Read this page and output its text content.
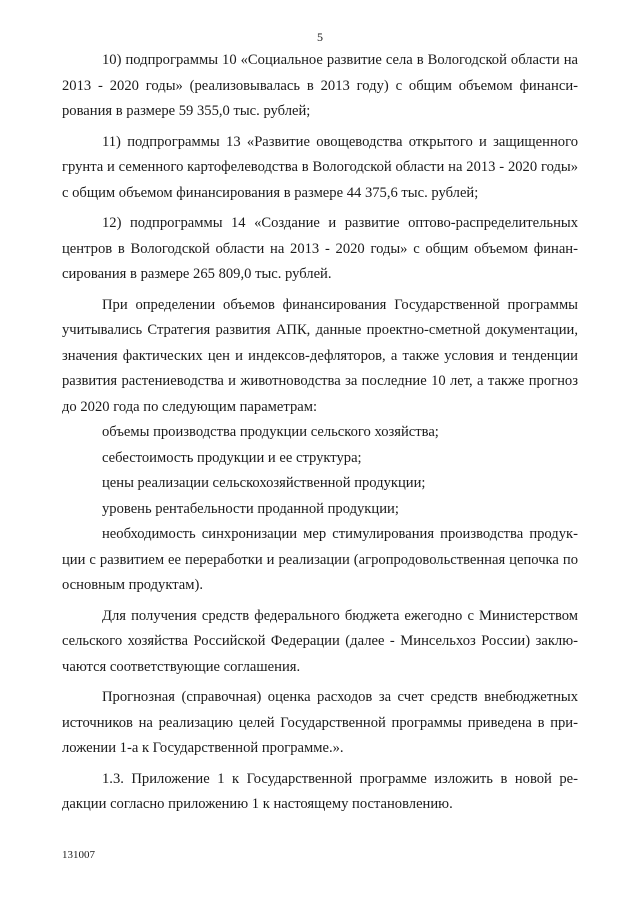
5

10) подпрограммы 10 «Социальное развитие села в Вологодской области на 2013 - 2020 годы» (реализовывалась в 2013 году) с общим объемом финансирования в размере 59 355,0 тыс. рублей;

11) подпрограммы 13 «Развитие овощеводства открытого и защищенного грунта и семенного картофелеводства в Вологодской области на 2013 - 2020 годы» с общим объемом финансирования в размере 44 375,6 тыс. рублей;

12) подпрограммы 14 «Создание и развитие оптово-распределительных центров в Вологодской области на 2013 - 2020 годы» с общим объемом финансирования в размере 265 809,0 тыс. рублей.

При определении объемов финансирования Государственной программы учитывались Стратегия развития АПК, данные проектно-сметной документации, значения фактических цен и индексов-дефляторов, а также условия и тенденции развития растениеводства и животноводства за последние 10 лет, а также прогноз до 2020 года по следующим параметрам:

объемы производства продукции сельского хозяйства;

себестоимость продукции и ее структура;

цены реализации сельскохозяйственной продукции;

уровень рентабельности проданной продукции;

необходимость синхронизации мер стимулирования производства продукции с развитием ее переработки и реализации (агропродовольственная цепочка по основным продуктам).

Для получения средств федерального бюджета ежегодно с Министерством сельского хозяйства Российской Федерации (далее - Минсельхоз России) заключаются соответствующие соглашения.

Прогнозная (справочная) оценка расходов за счет средств внебюджетных источников на реализацию целей Государственной программы приведена в приложении 1-а к Государственной программе.».

1.3. Приложение 1 к Государственной программе изложить в новой редакции согласно приложению 1 к настоящему постановлению.

131007
